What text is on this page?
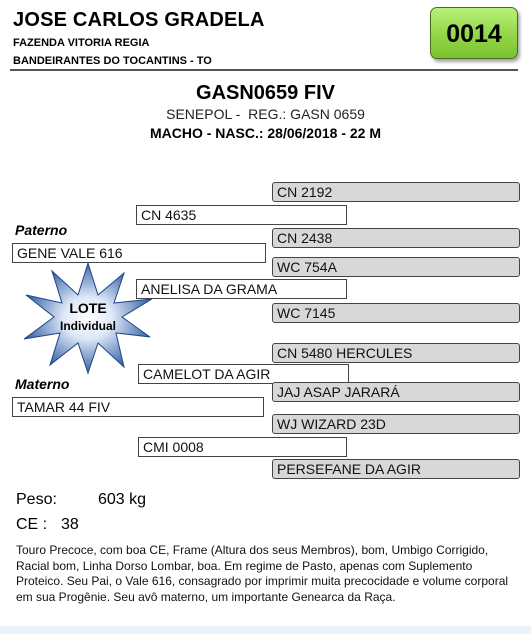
JOSE CARLOS GRADELA
FAZENDA VITORIA REGIA
BANDEIRANTES DO TOCANTINS - TO
0014
GASN0659 FIV
SENEPOL - REG.: GASN 0659
MACHO - NASC.: 28/06/2018 - 22 M
CN 2192
CN 4635
Paterno	CN 2438
GENE VALE 616
WC 754A
ANELISA DA GRAMA
WC 7145
CN 5480 HERCULES
CAMELOT DA AGIR
Materno	JAJ ASAP JARARÁ
TAMAR 44 FIV
WJ WIZARD 23D
CMI 0008
PERSEFANE DA AGIR
LOTE
Individual
Peso:	603 kg
CE : 38
Touro Precoce, com boa CE, Frame (Altura dos seus Membros), bom, Umbigo Corrigido, Racial bom, Linha Dorso Lombar, boa. Em regime de Pasto, apenas com Suplemento Proteico. Seu Pai, o Vale 616, consagrado por imprimir muita precocidade e volume corporal em sua Progênie. Seu avô materno, um importante Genearca da Raça.
